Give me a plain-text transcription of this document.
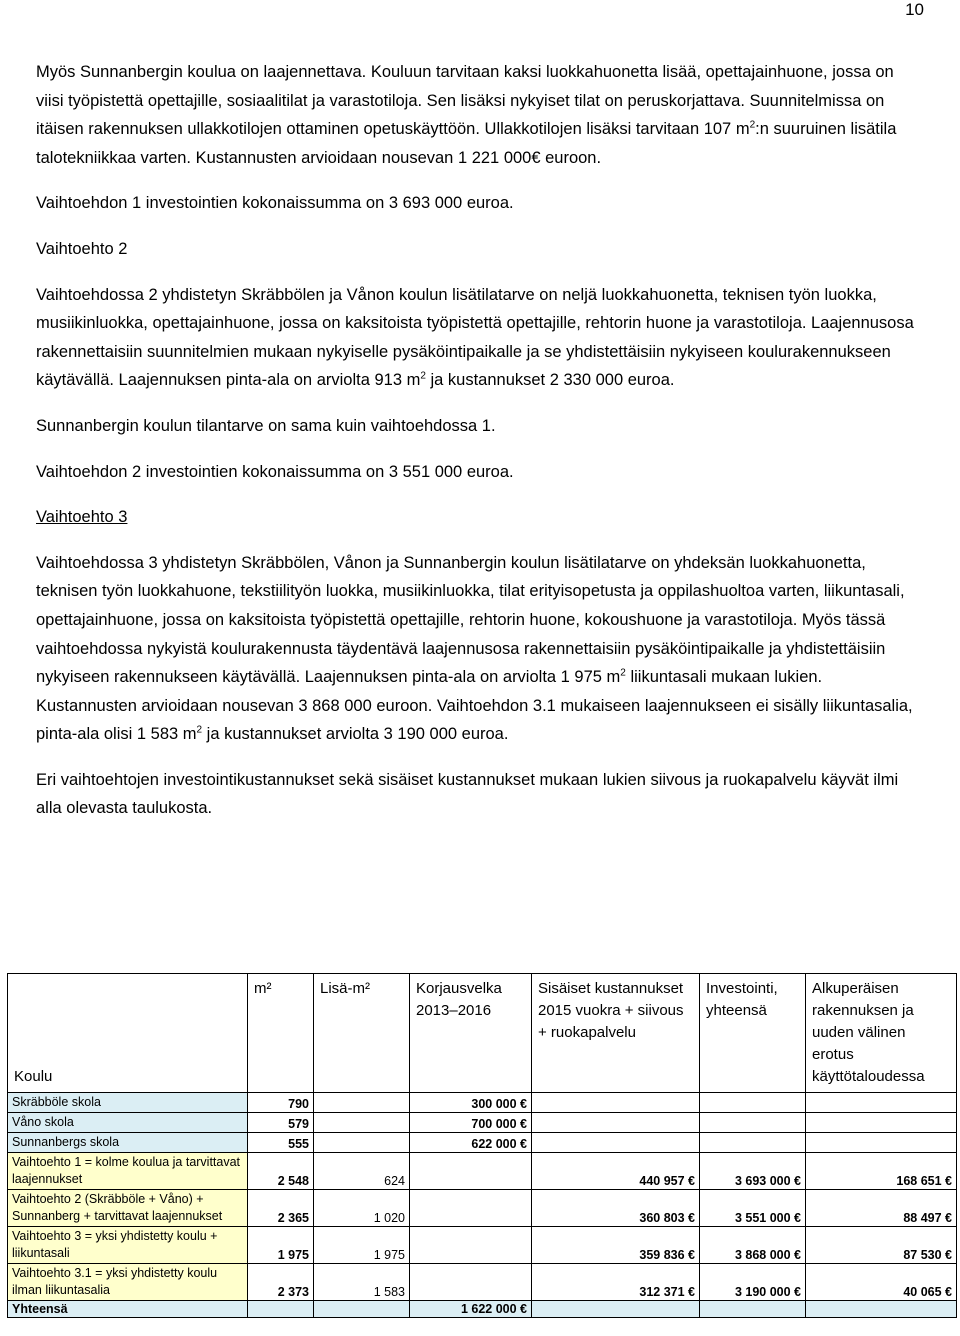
10

Myös Sunnanbergin koulua on laajennettava. Kouluun tarvitaan kaksi luokkahuonetta lisää, opettajainhuone, jossa on viisi työpistettä opettajille, sosiaalitilat ja varastotiloja. Sen lisäksi nykyiset tilat on peruskorjattava. Suunnitelmissa on itäisen rakennuksen ullakkotilojen ottaminen opetuskäyttöön. Ullakkotilojen lisäksi tarvitaan 107 $m^2:n$ suuruinen lisätila talotekniikkaa varten. Kustannusten arvioidaan nousevan 1 221 000€ euroon.

Vaihtoehdon 1 investointien kokonaissumma on 3 693 000 euroa.

Vaihtoehto 2

Vaihtoehdossa 2 yhdistetyn Skräbbölen ja Vånon koulun lisätilatarve on neljä luokkahuonetta, teknisen työn luokka, musiikinluokka, opettajainhuone, jossa on kaksitoista työpistettä opettajille, rehtorin huone ja varastotiloja. Laajennusosa rakennettaisiin suunnitelmien mukaan nykyiselle pysäköintipaikalle ja se yhdistettäisiin nykyiseen koulurakennukseen käytävällä. Laajennuksen pinta-ala on arviolta 913 $m^2$ ja kustannukset 2 330 000 euroa.

Sunnanbergin koulun tilantarve on sama kuin vaihtoehdossa 1.

Vaihtoehdon 2 investointien kokonaissumma on 3 551 000 euroa.

Vaihtoehto 3

Vaihtoehdossa 3 yhdistetyn Skräbbölen, Vånon ja Sunnanbergin koulun lisätilatarve on yhdeksän luokkahuonetta, teknisen työn luokkahuone, tekstiilityön luokka, musiikinluokka, tilat erityisopetusta ja oppilashuoltoa varten, liikuntasali, opettajainhuone, jossa on kaksitoista työpistettä opettajille, rehtorin huone, kokoushuone ja varastotiloja. Myös tässä vaihtoehdossa nykyistä koulurakennusta täydentävä laajennusosa rakennettaisiin pysäköintipaikalle ja yhdistettäisiin nykyiseen rakennukseen käytävällä. Laajennuksen pinta-ala on arviolta 1 975 $m^2$ liikuntasali mukaan lukien. Kustannusten arvioidaan nousevan 3 868 000 euroon. Vaihtoehdon 3.1 mukaiseen laajennukseen ei sisälly liikuntasalia, pinta-ala olisi 1 583 $m^2$ ja kustannukset arviolta 3 190 000 euroa.

Eri vaihtoehtojen investointikustannukset sekä sisäiset kustannukset mukaan lukien siivous ja ruokapalvelu käyvät ilmi alla olevasta taulukosta.

Koulu	m²	Lisä-m²	Korjausvelka 2013‒2016	Sisäiset kustannukset 2015 vuokra + siivous + ruokapalvelu	Investointi, yhteensä	Alkuperäisen rakennuksen ja uuden välinen erotus käyttötaloudessa
Skräbböle skola	790		300 000 €			
Våno skola	579		700 000 €			
Sunnanbergs skola	555		622 000 €			
Vaihtoehto 1 = kolme koulua ja tarvittavat laajennukset	2 548	624		440 957 €	3 693 000 €	168 651 €
Vaihtoehto 2 (Skräbböle + Våno) + Sunnanberg + tarvittavat laajennukset	2 365	1 020		360 803 €	3 551 000 €	88 497 €
Vaihtoehto 3 = yksi yhdistetty koulu + liikuntasali	1 975	1 975		359 836 €	3 868 000 €	87 530 €
Vaihtoehto 3.1 = yksi yhdistetty koulu ilman liikuntasalia	2 373	1 583		312 371 €	3 190 000 €	40 065 €
Yhteensä			1 622 000 €			
